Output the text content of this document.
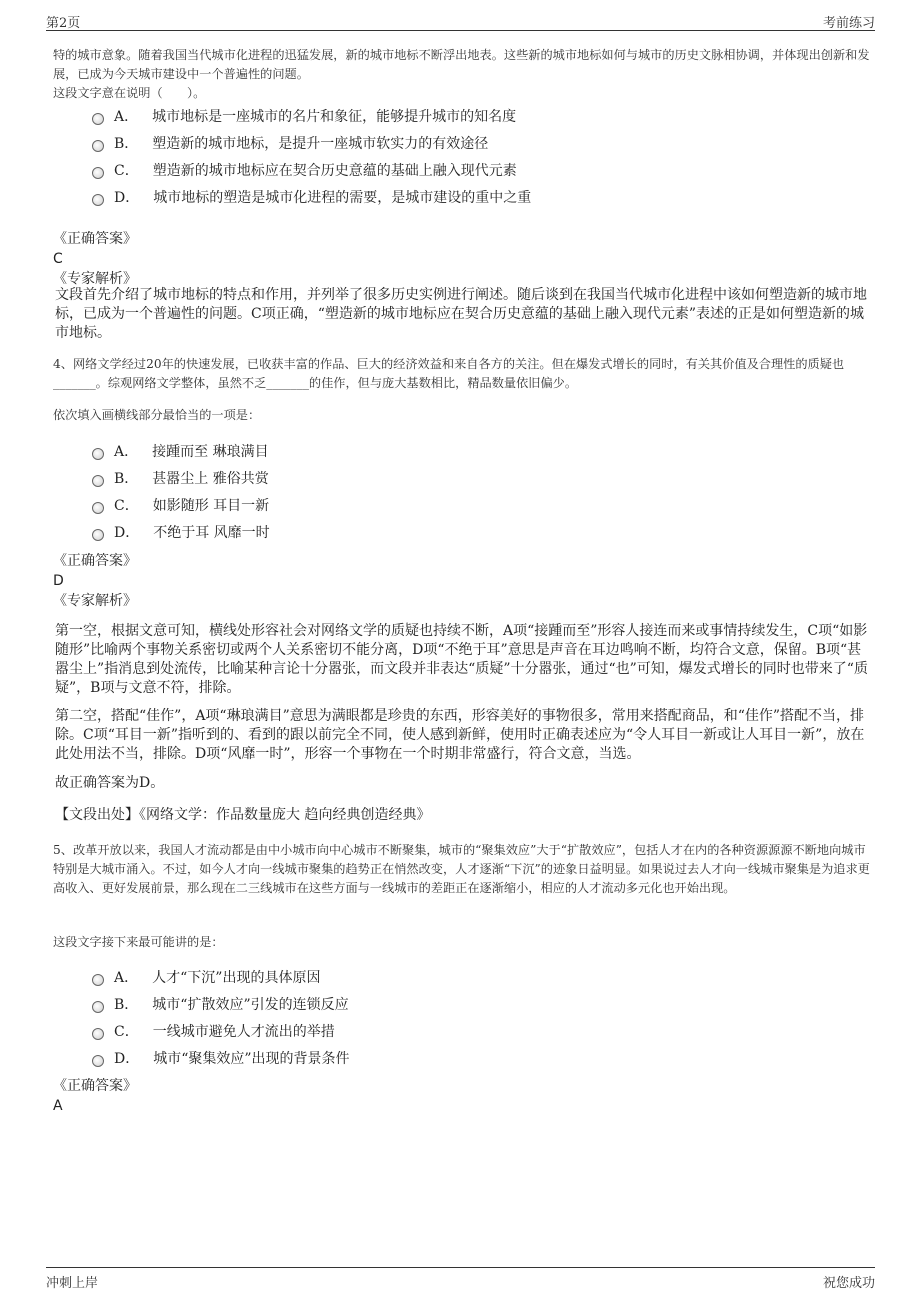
第2页	考前练习

特的城市意象。随着我国当代城市化进程的迅猛发展，新的城市地标不断浮出地表。这些新的城市地标如何与城市的历史文脉相协调，并体现出创新和发展，已成为今天城市建设中一个普遍性的问题。

这段文字意在说明（　　）。

A． 城市地标是一座城市的名片和象征，能够提升城市的知名度
B． 塑造新的城市地标，是提升一座城市软实力的有效途径
C． 塑造新的城市地标应在契合历史意蕴的基础上融入现代元素
D． 城市地标的塑造是城市化进程的需要，是城市建设的重中之重

《正确答案》

C

《专家解析》

文段首先介绍了城市地标的特点和作用，并列举了很多历史实例进行阐述。随后谈到在我国当代城市化进程中该如何塑造新的城市地标，已成为一个普遍性的问题。C项正确，“塑造新的城市地标应在契合历史意蕴的基础上融入现代元素”表述的正是如何塑造新的城市地标。

4、网络文学经过20年的快速发展，已收获丰富的作品、巨大的经济效益和来自各方的关注。但在爆发式增长的同时，有关其价值及合理性的质疑也_______。综观网络文学整体，虽然不乏_______的佳作，但与庞大基数相比，精品数量依旧偏少。

依次填入画横线部分最恰当的一项是：

A． 接踵而至 琳琅满目
B． 甚嚣尘上 雅俗共赏
C． 如影随形 耳目一新
D． 不绝于耳 风靡一时

《正确答案》

D

《专家解析》

第一空，根据文意可知，横线处形容社会对网络文学的质疑也持续不断，A项“接踵而至”形容人接连而来或事情持续发生，C项“如影随形”比喻两个事物关系密切或两个人关系密切不能分离，D项“不绝于耳”意思是声音在耳边鸣响不断，均符合文意，保留。B项“甚嚣尘上”指消息到处流传，比喻某种言论十分嚣张，而文段并非表达“质疑”十分嚣张，通过“也”可知，爆发式增长的同时也带来了“质疑”，B项与文意不符，排除。

第二空，搭配“佳作”，A项“琳琅满目”意思为满眼都是珍贵的东西，形容美好的事物很多，常用来搭配商品，和“佳作”搭配不当，排除。C项“耳目一新”指听到的、看到的跟以前完全不同，使人感到新鲜，使用时正确表述应为“令人耳目一新或让人耳目一新”，放在此处用法不当，排除。D项“风靡一时”，形容一个事物在一个时期非常盛行，符合文意，当选。

故正确答案为D。

【文段出处】《网络文学：作品数量庞大 趋向经典创造经典》

5、改革开放以来，我国人才流动都是由中小城市向中心城市不断聚集，城市的“聚集效应”大于“扩散效应”，包括人才在内的各种资源源源不断地向城市特别是大城市涌入。不过，如今人才向一线城市聚集的趋势正在悄然改变，人才逐渐“下沉”的迹象日益明显。如果说过去人才向一线城市聚集是为追求更高收入、更好发展前景，那么现在二三线城市在这些方面与一线城市的差距正在逐渐缩小，相应的人才流动多元化也开始出现。

这段文字接下来最可能讲的是：

A． 人才“下沉”出现的具体原因
B． 城市“扩散效应”引发的连锁反应
C． 一线城市避免人才流出的举措
D． 城市“聚集效应”出现的背景条件

《正确答案》

A

冲刺上岸	祝您成功
